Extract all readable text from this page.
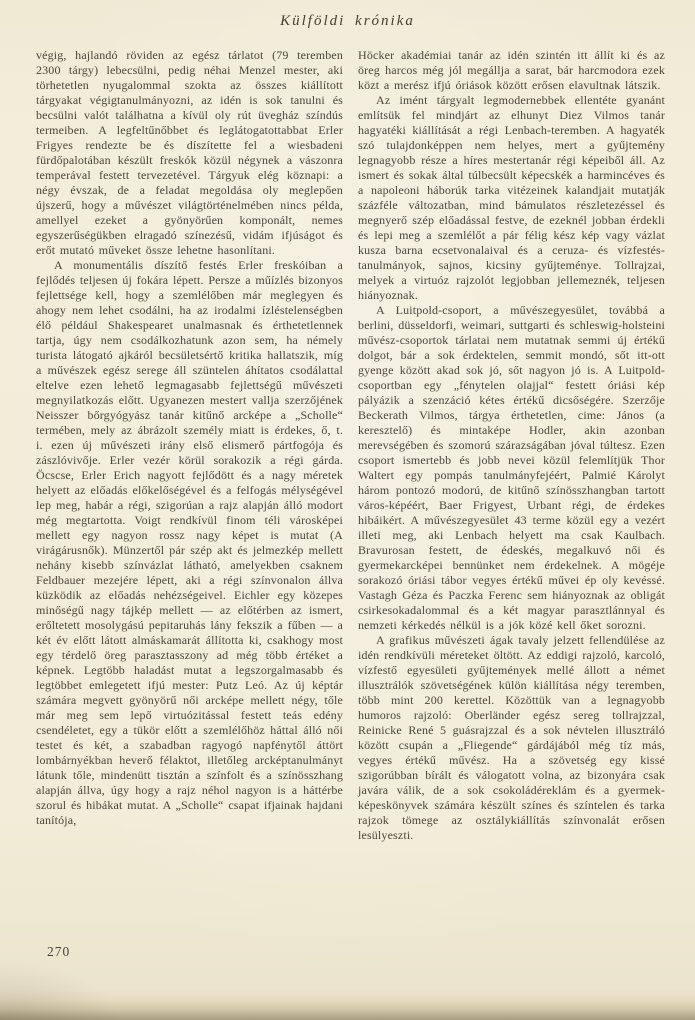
Külföldi krónika

végig, hajlandó röviden az egész tárlatot (79 teremben 2300 tárgy) lebecsülni, pedig néhai Menzel mester, aki törhetetlen nyugalommal szokta az összes kiállított tárgyakat végigtanulmányozni, az idén is sok tanulni és becsülni valót találhatna a kívül oly rút üvegház színdús termeiben. A legfeltűnőbbet és leglátogatottabbat Erler Frigyes rendezte be és díszítette fel a wiesbadeni fürdőpalotában készült freskók közül négynek a vászonra temperával festett tervezetével. Tárgyuk elég köznapi: a négy évszak, de a feladat megoldása oly meglepően újszerű, hogy a művészet világtörténelmében nincs példa, amellyel ezeket a gyönyörűen komponált, nemes egyszerűségükben elragadó színezésű, vidám ifjúságot és erőt mutató műveket össze lehetne hasonlítani.

A monumentális díszítő festés Erler freskóiban a fejlődés teljesen új fokára lépett. Persze a műízlés bizonyos fejlettsége kell, hogy a szemlélőben már meglegyen és ahogy nem lehet csodálni, ha az irodalmi ízléstelenségben élő például Shakespearet unalmasnak és érthetetlennek tartja, úgy nem csodálkozhatunk azon sem, ha némely turista látogató ajkáról becsületsértő kritika hallatszik, míg a művészek egész serege áll szüntelen áhítatos csodálattal eltelve ezen lehető legmagasabb fejlettségű művészeti megnyilatkozás előtt. Ugyanezen mestert vallja szerzőjének Neisszer bőrgyógyász tanár kitűnő arcképe a „Scholle“ termében, mely az ábrázolt személy miatt is érdekes, ő, t. i. ezen új művészeti irány első elismerő pártfogója és zászlóvivője. Erler vezér körül sorakozik a régi gárda. Öcscse, Erler Erich nagyott fejlődött és a nagy méretek helyett az előadás előkelőségével és a felfogás mélységével lep meg, habár a régi, szigorúan a rajz alapján álló modort még megtartotta. Voigt rendkívül finom téli városképei mellett egy nagyon rossz nagy képet is mutat (A virágárusnők). Münzertől pár szép akt és jelmezkép mellett nehány kisebb színvázlat látható, amelyekben csaknem Feldbauer mezejére lépett, aki a régi színvonalon állva küzködik az előadás nehézségeivel. Eichler egy közepes minőségű nagy tájkép mellett — az előtérben az ismert, erőltetett mosolygású pepitaruhás lány fekszik a fűben — a két év előtt látott almáskamarát állította ki, csakhogy most egy térdelő öreg parasztasszony ad még több értéket a képnek. Legtöbb haladást mutat a legszorgalmasabb és legtöbbet emlegetett ifjú mester: Putz Leó. Az új képtár számára megvett gyönyörű női arcképe mellett négy, tőle már meg sem lepő virtuózitással festett teás edény csendéletet, egy a tükör előtt a szemlélőhöz háttal álló női testet és két, a szabadban ragyogó napfénytől áttört lombárnyékban heverő félaktot, illetőleg arcképtanulmányt látunk tőle, mindenütt tisztán a színfolt és a színösszhang alapján állva, úgy hogy a rajz néhol nagyon is a háttérbe szorul és hibákat mutat. A „Scholle“ csapat ifjainak hajdani tanítója,

Höcker akadémiai tanár az idén szintén itt állít ki és az öreg harcos még jól megállja a sarat, bár harcmodora ezek közt a merész ifjú óriások között erősen elavultnak látszik.

Az imént tárgyalt legmodernebbek ellentéte gyanánt említsük fel mindjárt az elhunyt Diez Vilmos tanár hagyatéki kiállítását a régi Lenbach-teremben. A hagyaték szó tulajdonképpen nem helyes, mert a gyűjtemény legnagyobb része a híres mestertanár régi képeiből áll. Az ismert és sokak által túlbecsült képecskék a harmincéves és a napoleoni háborúk tarka vitézeinek kalandjait mutatják százféle változatban, mind bámulatos részletezéssel és megnyerő szép előadással festve, de ezeknél jobban érdekli és lepi meg a szemlélőt a pár félig kész kép vagy vázlat kusza barna ecsetvonalaival és a ceruza- és vízfestés-tanulmányok, sajnos, kicsiny gyűjteménye. Tollrajzai, melyek a virtuóz rajzolót legjobban jellemeznék, teljesen hiányoznak.

A Luitpold-csoport, a művészegyesület, továbbá a berlini, düsseldorfi, weimari, suttgarti és schleswig-holsteini művész-csoportok tárlatai nem mutatnak semmi új értékű dolgot, bár a sok érdektelen, semmit mondó, sőt itt-ott gyenge között akad sok jó, sőt nagyon jó is. A Luitpold-csoportban egy „fénytelen olajjal“ festett óriási kép pályázik a szenzáció kétes értékű dicsőségére. Szerzője Beckerath Vilmos, tárgya érthetetlen, cime: János (a keresztelő) és mintaképe Hodler, akin azonban merevségében és szomorú szárazságában jóval túltesz. Ezen csoport ismertebb és jobb nevei közül felemlítjük Thor Waltert egy pompás tanulmányfejéért, Palmié Károlyt három pontozó modorú, de kitűnő színösszhangban tartott város-képéért, Baer Frigyest, Urbant régi, de érdekes hibáikért. A művészegyesület 43 terme közül egy a vezért illeti meg, aki Lenbach helyett ma csak Kaulbach. Bravurosan festett, de édeskés, megalkuvó női és gyermekarcképei bennünket nem érdekelnek. A mögéje sorakozó óriási tábor vegyes értékű művei ép oly kevéssé. Vastagh Géza és Paczka Ferenc sem hiányoznak az obligát csirkesokadalommal és a két magyar parasztlánnyal és nemzeti kérkedés nélkül is a jók közé kell őket sorozni.

A grafikus művészeti ágak tavaly jelzett fellendülése az idén rendkívüli méreteket öltött. Az eddigi rajzoló, karcoló, vízfestő egyesületi gyűjtemények mellé állott a német illusztrálók szövetségének külön kiállítása négy teremben, több mint 200 kerettel. Közöttük van a legnagyobb humoros rajzoló: Oberländer egész sereg tollrajzzal, Reinicke René 5 guásrajzzal és a sok névtelen illusztráló között csupán a „Fliegende“ gárdájából még tíz más, vegyes értékű művész. Ha a szövetség egy kissé szigorúbban bírált és válogatott volna, az bizonyára csak javára válik, de a sok csokoládéreklám és a gyermek-képeskönyvek számára készült színes és színtelen és tarka rajzok tömege az osztálykiállítás színvonalát erősen lesülyeszti.

270
